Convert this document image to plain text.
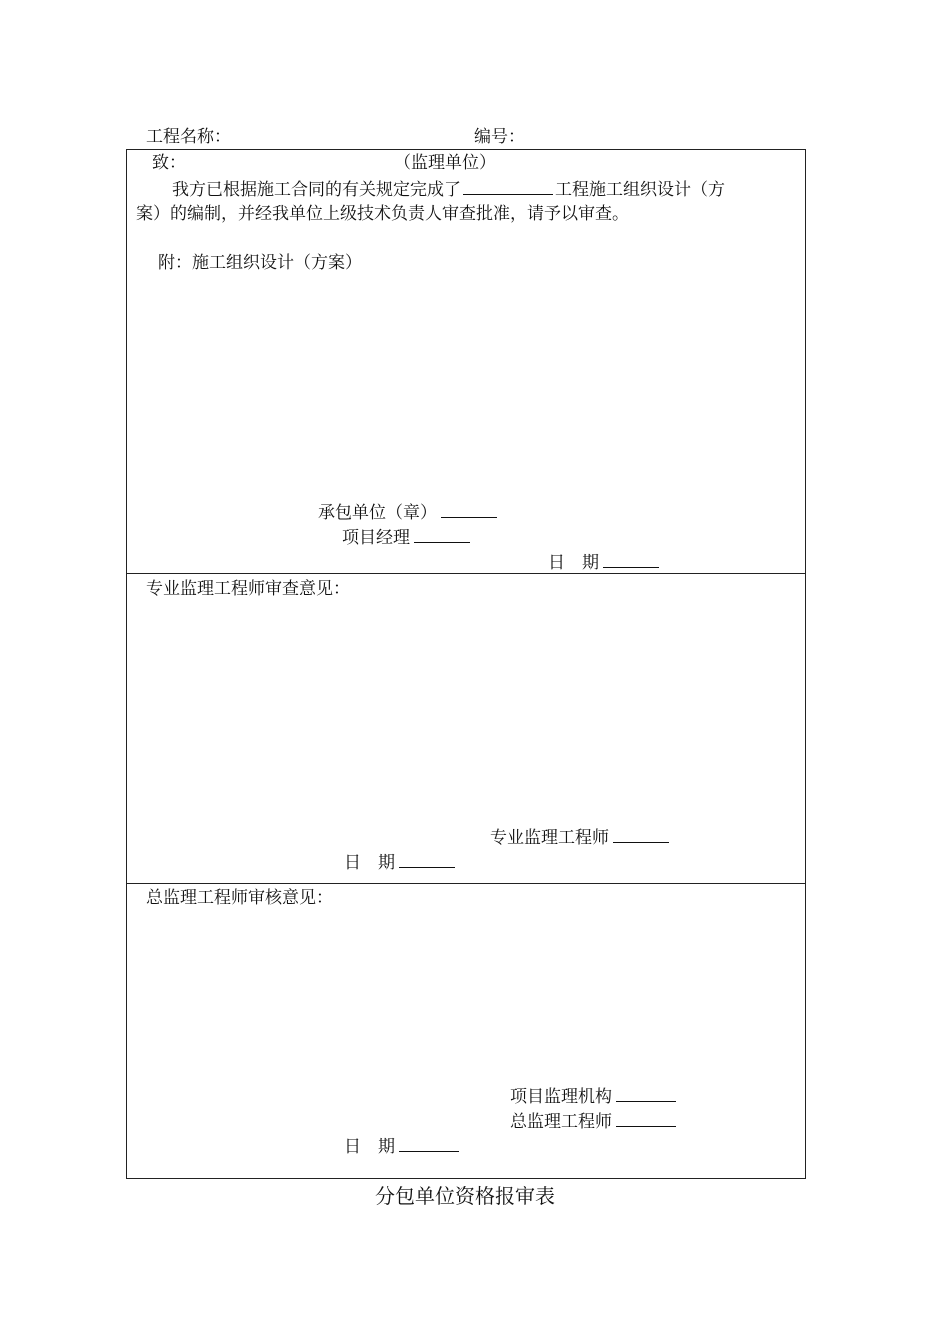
工程名称：	编号：
致：	（监理单位）
我方已根据施工合同的有关规定完成了	工程施工组织设计（方
案）的编制，并经我单位上级技术负责人审查批准，请予以审查。
附：施工组织设计（方案）
承包单位（章）
项目经理
日　期
专业监理工程师审查意见：
专业监理工程师
日　期
总监理工程师审核意见：
项目监理机构
总监理工程师
日　期
分包单位资格报审表
